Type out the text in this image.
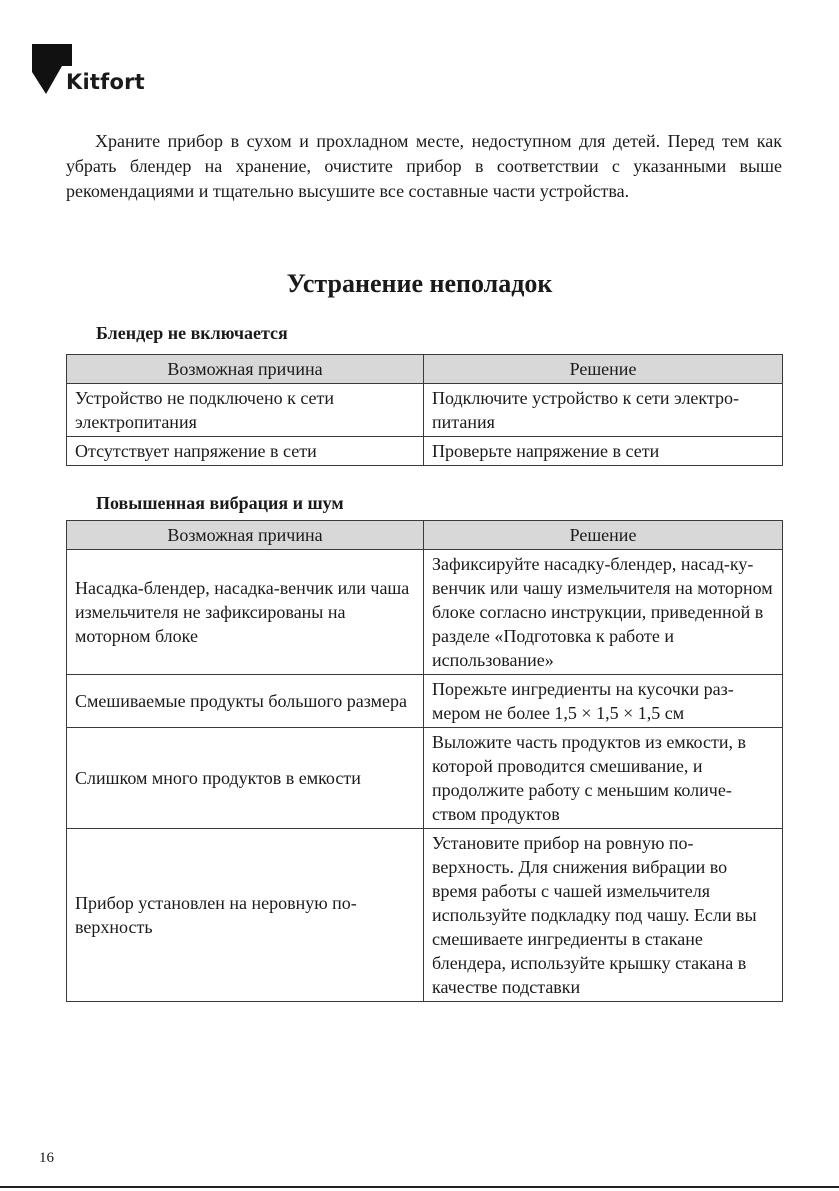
Kitfort

Храните прибор в сухом и прохладном месте, недоступном для детей. Перед тем как убрать блендер на хранение, очистите прибор в соответствии с указанными выше рекомендациями и тщательно высушите все составные части устройства.

Устранение неполадок
Блендер не включается
Возможная причина	Решение
Устройство не подключено к сети электропитания	Подключите устройство к сети электро-питания
Отсутствует напряжение в сети	Проверьте напряжение в сети
Повышенная вибрация и шум
Возможная причина	Решение
Насадка-блендер, насадка-венчик или чаша измельчителя не зафиксированы на моторном блоке	Зафиксируйте насадку-блендер, насад-ку-венчик или чашу измельчителя на моторном блоке согласно инструкции, приведенной в разделе «Подготовка к работе и использование»
Смешиваемые продукты большого размера	Порежьте ингредиенты на кусочки раз-мером не более 1,5 × 1,5 × 1,5 см
Слишком много продуктов в емкости	Выложите часть продуктов из емкости, в которой проводится смешивание, и продолжите работу с меньшим количе-ством продуктов
Прибор установлен на неровную по-верхность	Установите прибор на ровную по-верхность. Для снижения вибрации во время работы с чашей измельчителя используйте подкладку под чашу. Если вы смешиваете ингредиенты в стакане блендера, используйте крышку стакана в качестве подставки
16
